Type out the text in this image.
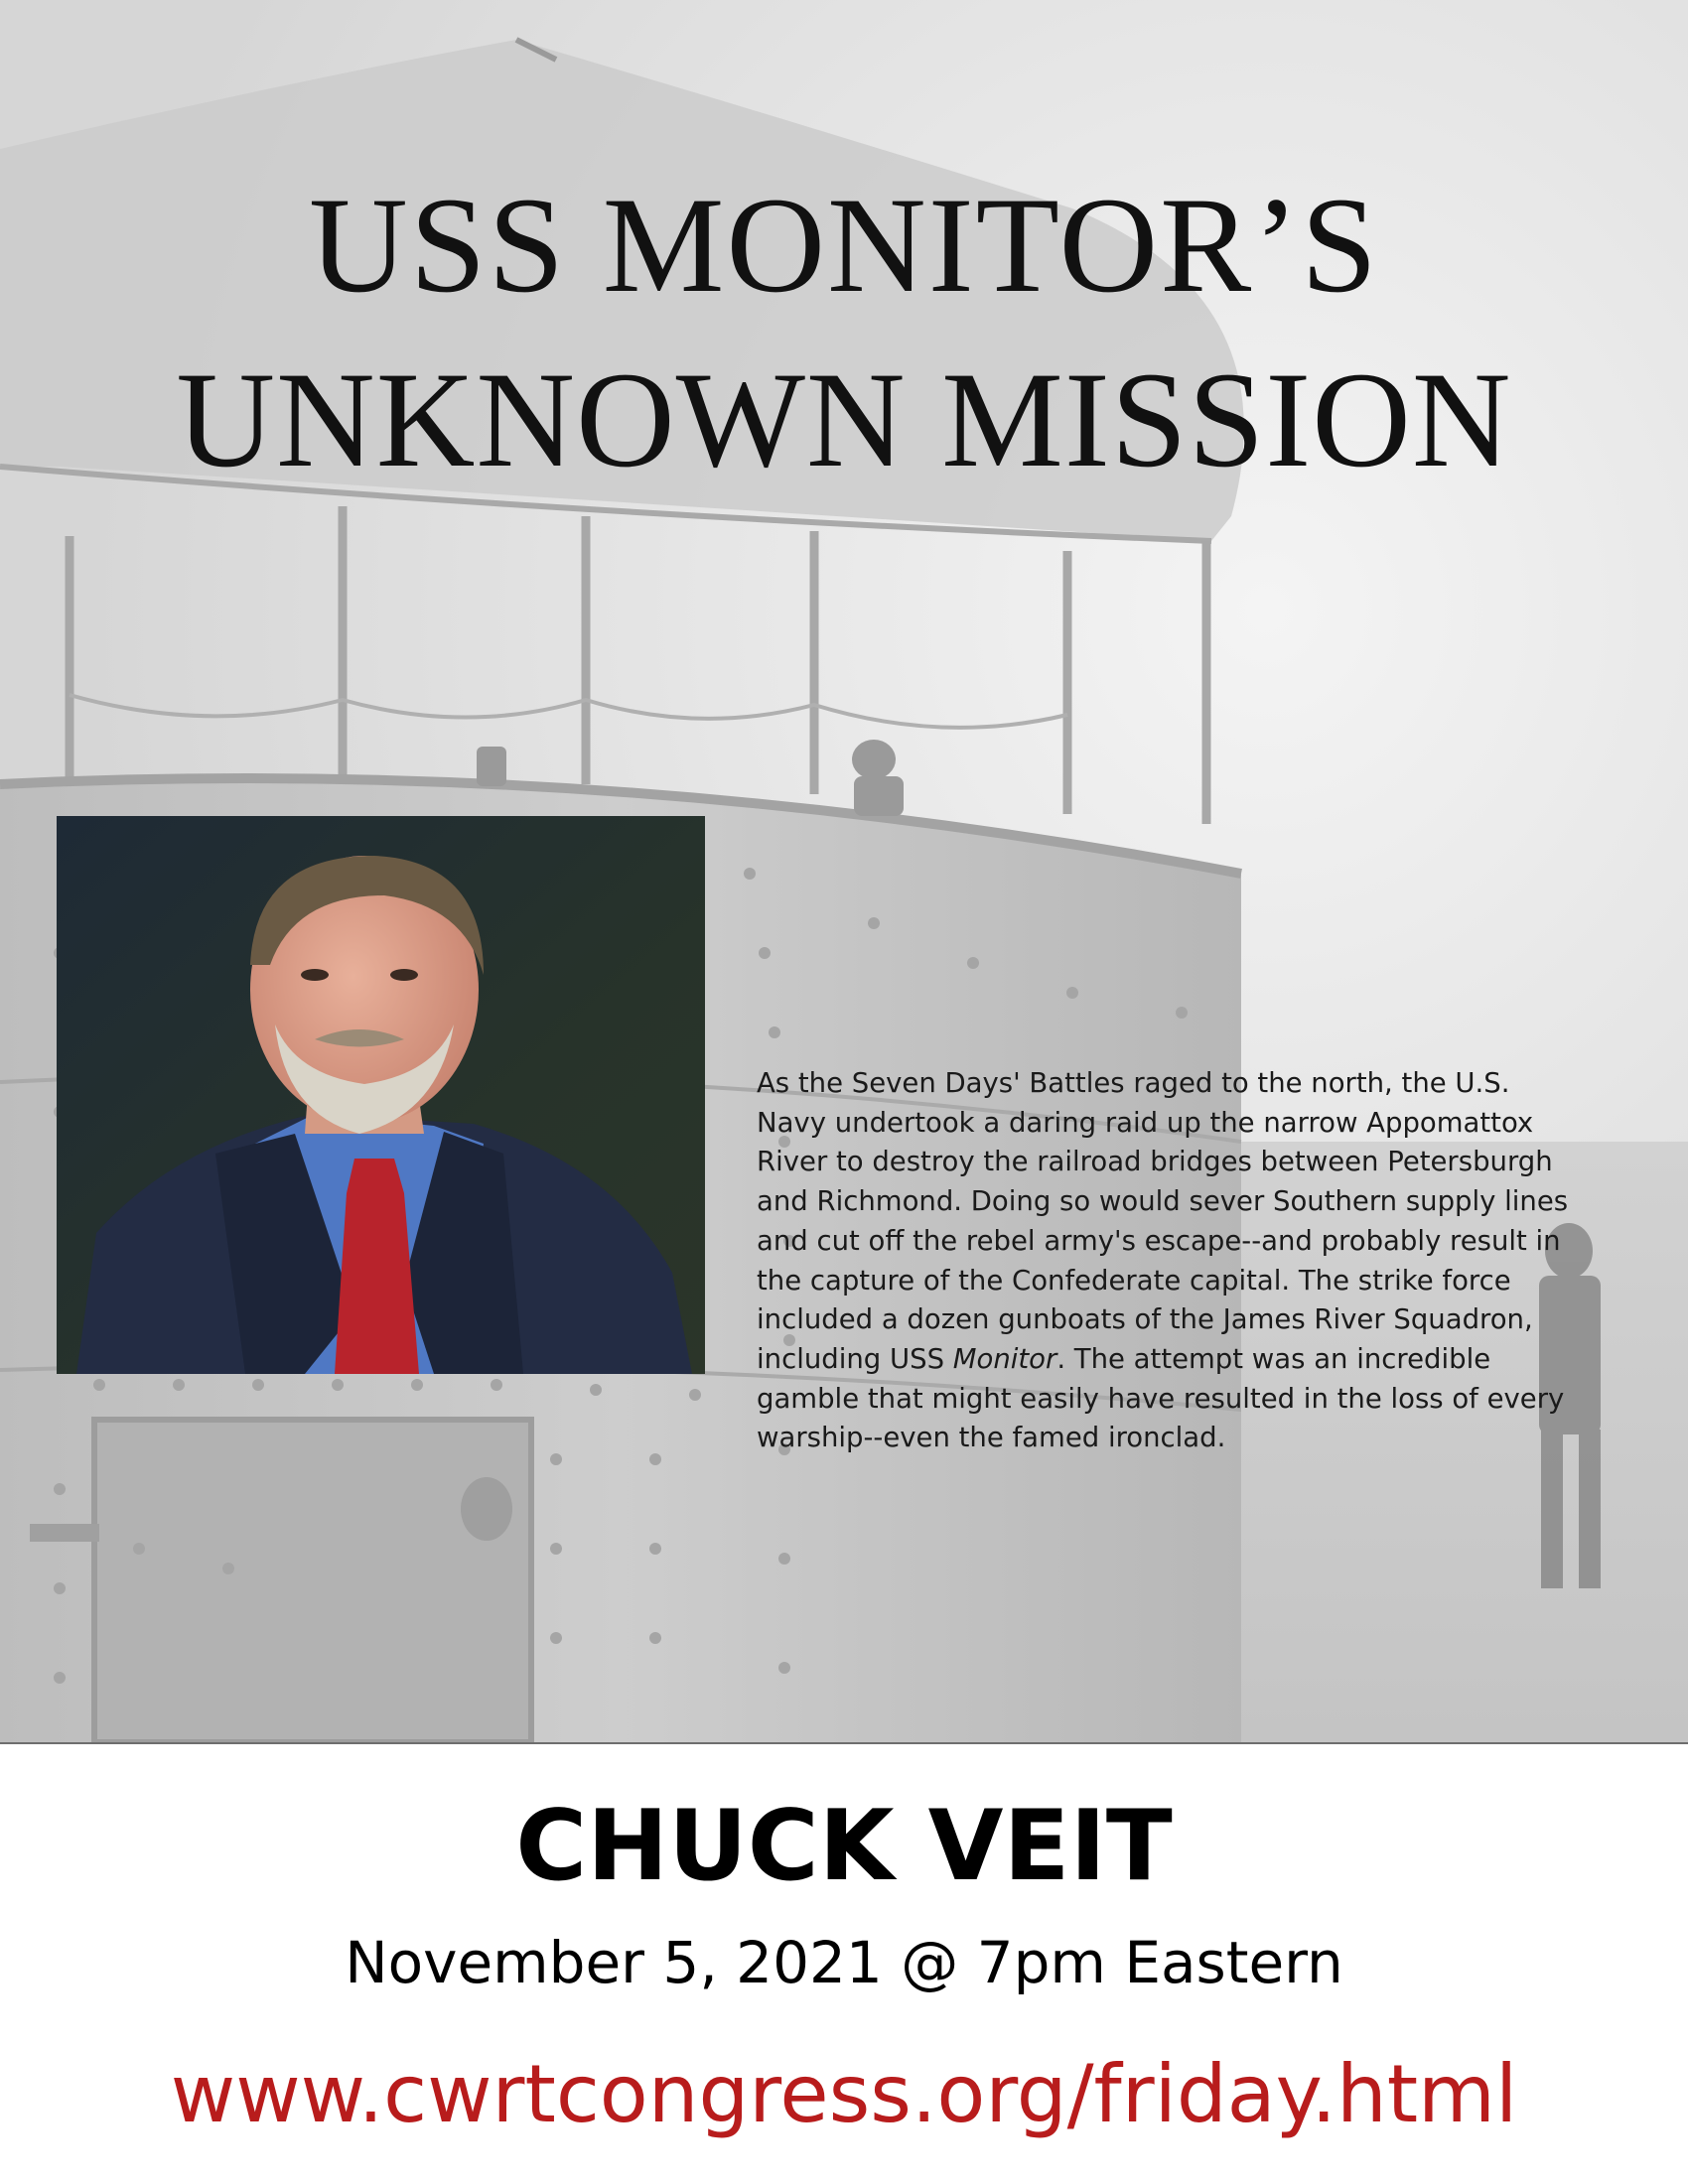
USS MONITOR’S
UNKNOWN MISSION

As the Seven Days' Battles raged to the north, the U.S. Navy undertook a daring raid up the narrow Appomattox River to destroy the railroad bridges between Petersburgh and Richmond. Doing so would sever Southern supply lines and cut off the rebel army's escape--and probably result in the capture of the Confederate capital. The strike force included a dozen gunboats of the James River Squadron, including USS Monitor. The attempt was an incredible gamble that might easily have resulted in the loss of every warship--even the famed ironclad.

CHUCK VEIT

November 5, 2021 @ 7pm Eastern

www.cwrtcongress.org/friday.html
